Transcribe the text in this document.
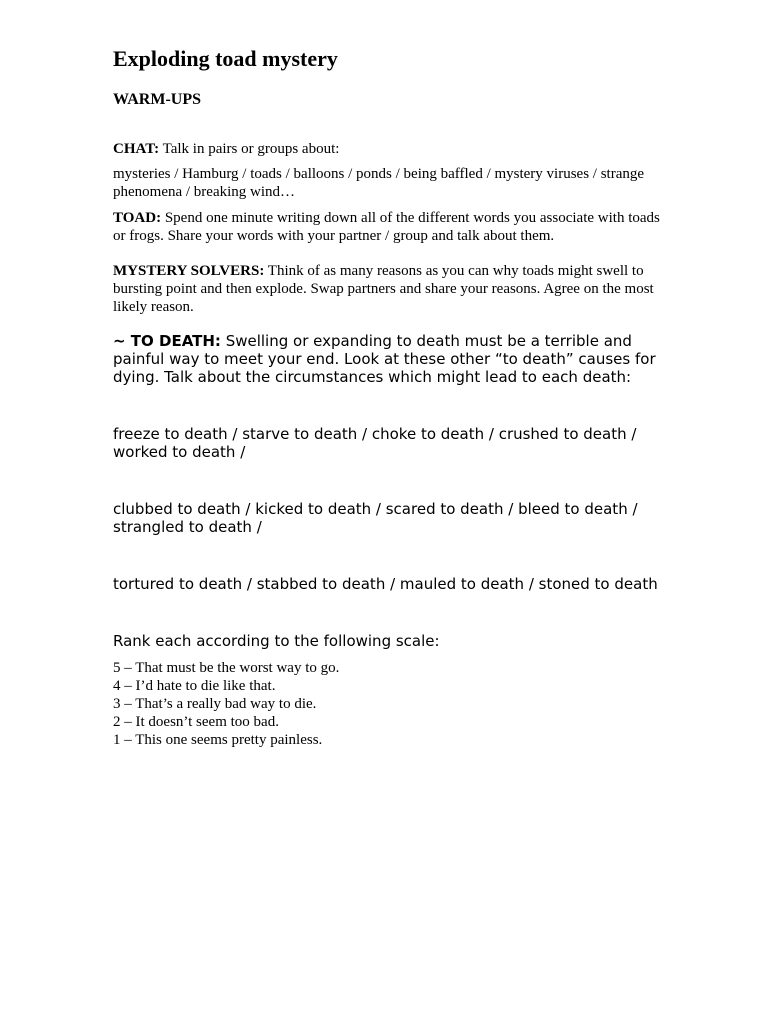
Exploding toad mystery
WARM-UPS

CHAT: Talk in pairs or groups about:

mysteries / Hamburg / toads / balloons / ponds / being baffled / mystery viruses / strange phenomena / breaking wind…

TOAD: Spend one minute writing down all of the different words you associate with toads or frogs. Share your words with your partner / group and talk about them.

MYSTERY SOLVERS: Think of as many reasons as you can why toads might swell to bursting point and then explode. Swap partners and share your reasons. Agree on the most likely reason.

~ TO DEATH: Swelling or expanding to death must be a terrible and painful way to meet your end. Look at these other “to death” causes for dying. Talk about the circumstances which might lead to each death:

freeze to death / starve to death / choke to death / crushed to death / worked to death /

clubbed to death / kicked to death / scared to death / bleed to death / strangled to death /

tortured to death / stabbed to death / mauled to death / stoned to death

Rank each according to the following scale:

5 – That must be the worst way to go.
4 – I’d hate to die like that.
3 – That’s a really bad way to die.
2 – It doesn’t seem too bad.
1 – This one seems pretty painless.
